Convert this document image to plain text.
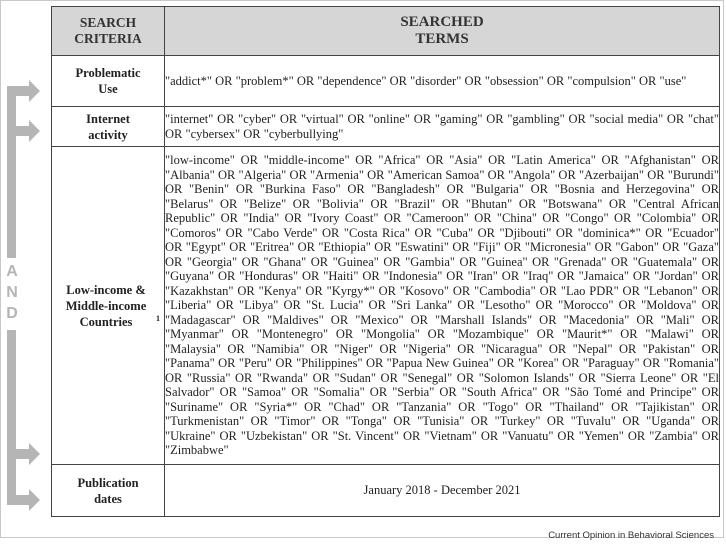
A
N
D
SEARCH CRITERIA	SEARCHED TERMS
Problematic Use	"addict*" OR "problem*" OR "dependence" OR "disorder" OR "obsession" OR "compulsion" OR "use"
Internet activity	"internet" OR "cyber" OR "virtual" OR "online" OR "gaming" OR "gambling" OR "social media" OR "chat" OR "cybersex" OR "cyberbullying"
Low-income & Middle-income Countries $^1$	"low-income" OR "middle-income" OR "Africa" OR "Asia" OR "Latin America" OR "Afghanistan" OR "Albania" OR "Algeria" OR "Armenia" OR "American Samoa" OR "Angola" OR "Azerbaijan" OR "Burundi" OR "Benin" OR "Burkina Faso" OR "Bangladesh" OR "Bulgaria" OR "Bosnia and Herzegovina" OR "Belarus" OR "Belize" OR "Bolivia" OR "Brazil" OR "Bhutan" OR "Botswana" OR "Central African Republic" OR "India" OR "Ivory Coast" OR "Cameroon" OR "China" OR "Congo" OR "Colombia" OR "Comoros" OR "Cabo Verde" OR "Costa Rica" OR "Cuba" OR "Djibouti" OR "dominica*" OR "Ecuador" OR "Egypt" OR "Eritrea" OR "Ethiopia" OR "Eswatini" OR "Fiji" OR "Micronesia" OR "Gabon" OR "Gaza" OR "Georgia" OR "Ghana" OR "Guinea" OR "Gambia" OR "Guinea" OR "Grenada" OR "Guatemala" OR "Guyana" OR "Honduras" OR "Haiti" OR "Indonesia" OR "Iran" OR "Iraq" OR "Jamaica" OR "Jordan" OR "Kazakhstan" OR "Kenya" OR "Kyrgy*" OR "Kosovo" OR "Cambodia" OR "Lao PDR" OR "Lebanon" OR "Liberia" OR "Libya" OR "St. Lucia" OR "Sri Lanka" OR "Lesotho" OR "Morocco" OR "Moldova" OR "Madagascar" OR "Maldives" OR "Mexico" OR "Marshall Islands" OR "Macedonia" OR "Mali" OR "Myanmar" OR "Montenegro" OR "Mongolia" OR "Mozambique" OR "Maurit*" OR "Malawi" OR "Malaysia" OR "Namibia" OR "Niger" OR "Nigeria" OR "Nicaragua" OR "Nepal" OR "Pakistan" OR "Panama" OR "Peru" OR "Philippines" OR "Papua New Guinea" OR "Korea" OR "Paraguay" OR "Romania" OR "Russia" OR "Rwanda" OR "Sudan" OR "Senegal" OR "Solomon Islands" OR "Sierra Leone" OR "El Salvador" OR "Samoa" OR "Somalia" OR "Serbia" OR "South Africa" OR "São Tomé and Principe" OR "Suriname" OR "Syria*" OR "Chad" OR "Tanzania" OR "Togo" OR "Thailand" OR "Tajikistan" OR "Turkmenistan" OR "Timor" OR "Tonga" OR "Tunisia" OR "Turkey" OR "Tuvalu" OR "Uganda" OR "Ukraine" OR "Uzbekistan" OR "St. Vincent" OR "Vietnam" OR "Vanuatu" OR "Yemen" OR "Zambia" OR "Zimbabwe"
Publication dates	January 2018 - December 2021
Current Opinion in Behavioral Sciences
